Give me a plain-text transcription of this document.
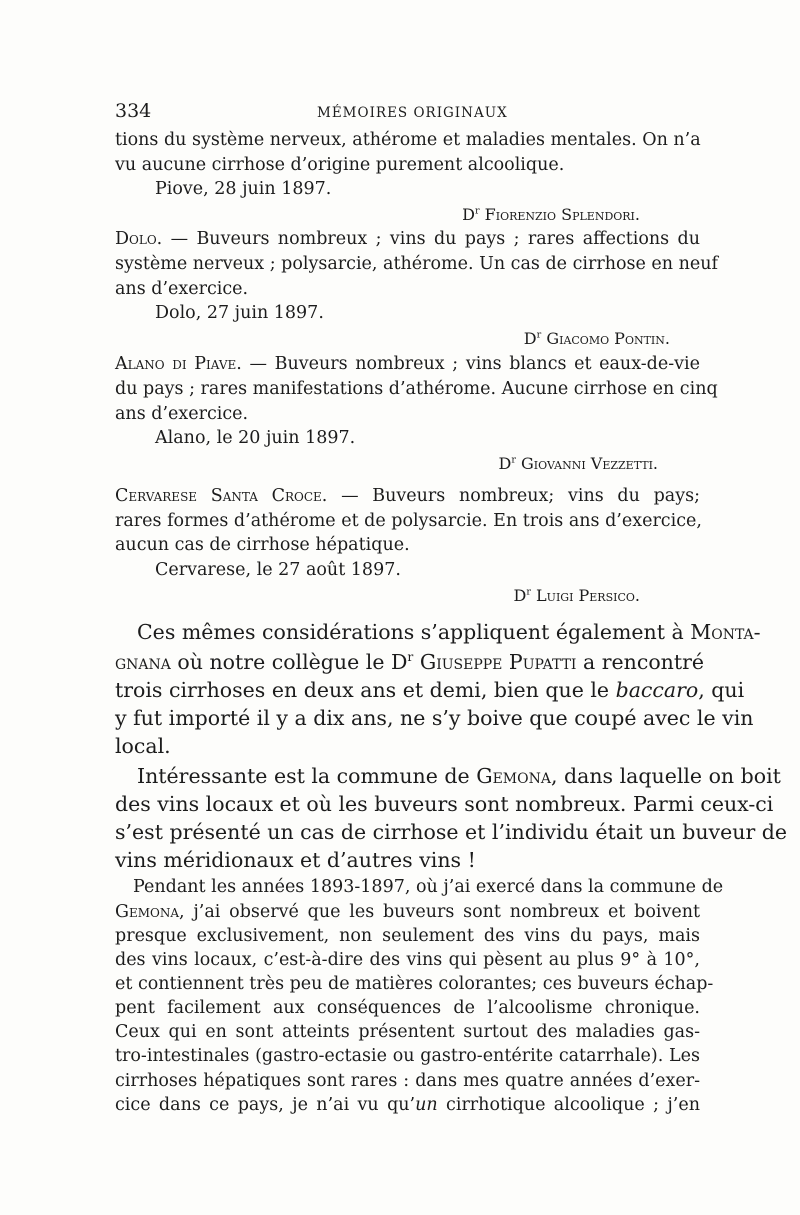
334	MÉMOIRES ORIGINAUX
tions du système nerveux, athérome et maladies mentales. On n’a
vu aucune cirrhose d’origine purement alcoolique.
Piove, 28 juin 1897.
$D^r$ Fiorenzio Splendori.
Dolo. — Buveurs nombreux ; vins du pays ; rares affections du
système nerveux ; polysarcie, athérome. Un cas de cirrhose en neuf
ans d’exercice.
Dolo, 27 juin 1897.
$D^r$ Giacomo Pontin.
Alano di Piave. — Buveurs nombreux ; vins blancs et eaux-de-vie
du pays ; rares manifestations d’athérome. Aucune cirrhose en cinq
ans d’exercice.
Alano, le 20 juin 1897.
$D^r$ Giovanni Vezzetti.
Cervarese Santa Croce. — Buveurs nombreux; vins du pays;
rares formes d’athérome et de polysarcie. En trois ans d’exercice,
aucun cas de cirrhose hépatique.
Cervarese, le 27 août 1897.
$D^r$ Luigi Persico.
Ces mêmes considérations s’appliquent également à Monta-
gnana où notre collègue le $D^r$ Giuseppe Pupatti a rencontré
trois cirrhoses en deux ans et demi, bien que le baccaro, qui
y fut importé il y a dix ans, ne s’y boive que coupé avec le vin
local.
Intéressante est la commune de Gemona, dans laquelle on boit
des vins locaux et où les buveurs sont nombreux. Parmi ceux-ci
s’est présenté un cas de cirrhose et l’individu était un buveur de
vins méridionaux et d’autres vins !
Pendant les années 1893-1897, où j’ai exercé dans la commune de
Gemona, j’ai observé que les buveurs sont nombreux et boivent
presque exclusivement, non seulement des vins du pays, mais
des vins locaux, c’est-à-dire des vins qui pèsent au plus 9° à 10°,
et contiennent très peu de matières colorantes; ces buveurs échap-
pent facilement aux conséquences de l’alcoolisme chronique.
Ceux qui en sont atteints présentent surtout des maladies gas-
tro-intestinales (gastro-ectasie ou gastro-entérite catarrhale). Les
cirrhoses hépatiques sont rares : dans mes quatre années d’exer-
cice dans ce pays, je n’ai vu qu’un cirrhotique alcoolique ; j’en
